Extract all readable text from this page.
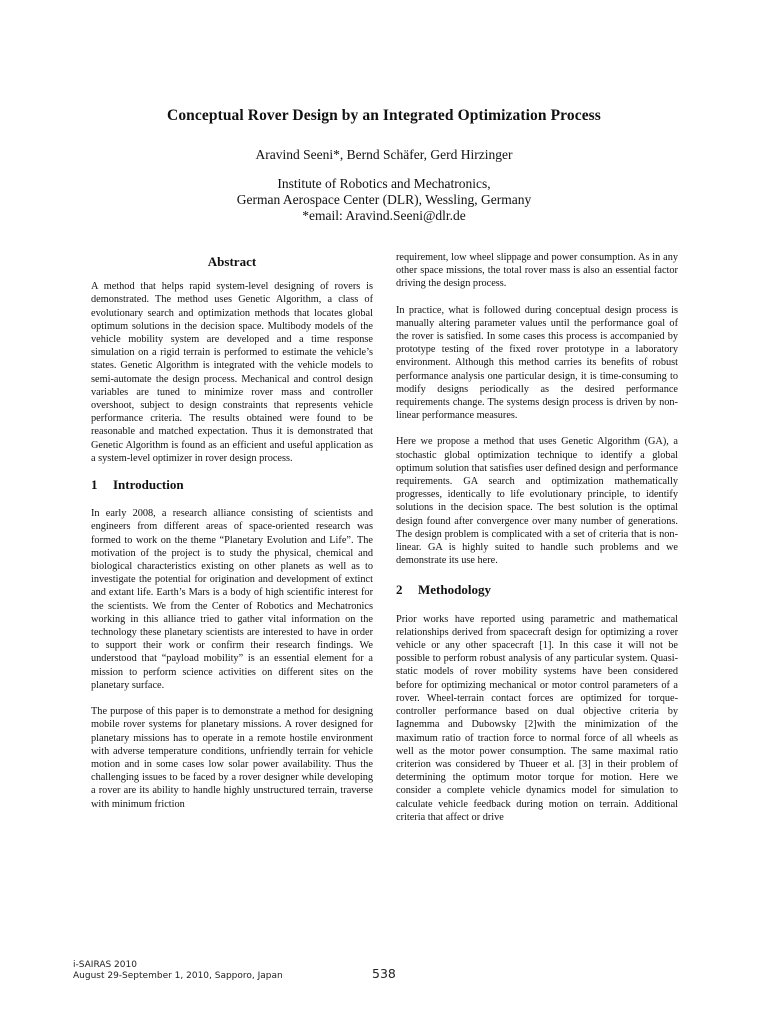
Conceptual Rover Design by an Integrated Optimization Process
Aravind Seeni*, Bernd Schäfer, Gerd Hirzinger
Institute of Robotics and Mechatronics,
German Aerospace Center (DLR), Wessling, Germany
*email: Aravind.Seeni@dlr.de
Abstract

A method that helps rapid system-level designing of rovers is demonstrated. The method uses Genetic Algorithm, a class of evolutionary search and optimization methods that locates global optimum solutions in the decision space. Multibody models of the vehicle mobility system are developed and a time response simulation on a rigid terrain is performed to estimate the vehicle’s states. Genetic Algorithm is integrated with the vehicle models to semi-automate the design process. Mechanical and control design variables are tuned to minimize rover mass and controller overshoot, subject to design constraints that represents vehicle performance criteria. The results obtained were found to be reasonable and matched expectation. Thus it is demonstrated that Genetic Algorithm is found as an efficient and useful application as a system-level optimizer in rover design process.

1	Introduction

In early 2008, a research alliance consisting of scientists and engineers from different areas of space-oriented research was formed to work on the theme “Planetary Evolution and Life”. The motivation of the project is to study the physical, chemical and biological characteristics existing on other planets as well as to investigate the potential for origination and development of extinct and extant life. Earth’s Mars is a body of high scientific interest for the scientists. We from the Center of Robotics and Mechatronics working in this alliance tried to gather vital information on the technology these planetary scientists are interested to have in order to support their work or confirm their research findings. We understood that “payload mobility” is an essential element for a mission to perform science activities on different sites on the planetary surface.

The purpose of this paper is to demonstrate a method for designing mobile rover systems for planetary missions. A rover designed for planetary missions has to operate in a remote hostile environment with adverse temperature conditions, unfriendly terrain for vehicle motion and in some cases low solar power availability. Thus the challenging issues to be faced by a rover designer while developing a rover are its ability to handle highly unstructured terrain, traverse with minimum friction

requirement, low wheel slippage and power consumption. As in any other space missions, the total rover mass is also an essential factor driving the design process.

In practice, what is followed during conceptual design process is manually altering parameter values until the performance goal of the rover is satisfied. In some cases this process is accompanied by prototype testing of the fixed rover prototype in a laboratory environment. Although this method carries its benefits of robust performance analysis one particular design, it is time-consuming to modify designs periodically as the desired performance requirements change. The systems design process is driven by non-linear performance measures.

Here we propose a method that uses Genetic Algorithm (GA), a stochastic global optimization technique to identify a global optimum solution that satisfies user defined design and performance requirements. GA search and optimization mathematically progresses, identically to life evolutionary principle, to identify solutions in the decision space. The best solution is the optimal design found after convergence over many number of generations. The design problem is complicated with a set of criteria that is non-linear. GA is highly suited to handle such problems and we demonstrate its use here.

2	Methodology

Prior works have reported using parametric and mathematical relationships derived from spacecraft design for optimizing a rover vehicle or any other spacecraft [1]. In this case it will not be possible to perform robust analysis of any particular system. Quasi-static models of rover mobility systems have been considered before for optimizing mechanical or motor control parameters of a rover. Wheel-terrain contact forces are optimized for torque-controller performance based on dual objective criteria by Iagnemma and Dubowsky [2]with the minimization of the maximum ratio of traction force to normal force of all wheels as well as the motor power consumption. The same maximal ratio criterion was considered by Thueer et al. [3] in their problem of determining the optimum motor torque for motion. Here we consider a complete vehicle dynamics model for simulation to calculate vehicle feedback during motion on terrain. Additional criteria that affect or drive

i-SAIRAS 2010
August 29-September 1, 2010, Sapporo, Japan	538
